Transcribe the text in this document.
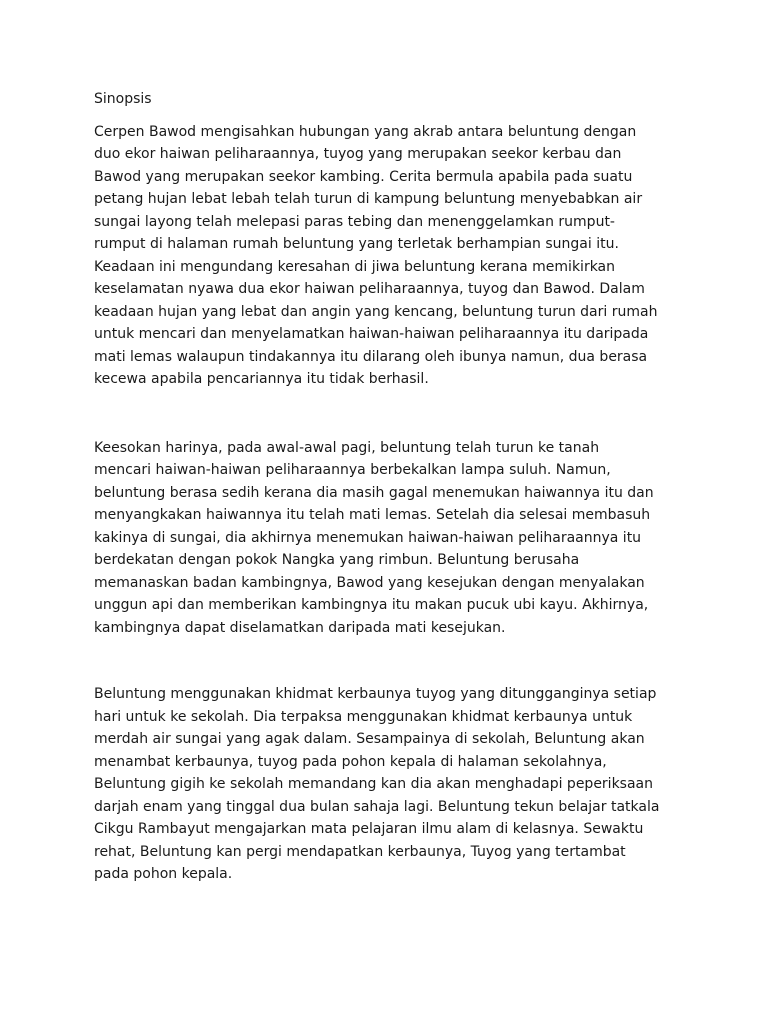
Sinopsis
Cerpen Bawod mengisahkan hubungan yang akrab antara beluntung dengan
duo ekor haiwan peliharaannya, tuyog yang merupakan seekor kerbau dan
Bawod yang merupakan seekor kambing. Cerita bermula apabila pada suatu
petang hujan lebat lebah telah turun di kampung beluntung menyebabkan air
sungai layong telah melepasi paras tebing dan menenggelamkan rumput-
rumput di halaman rumah beluntung yang terletak berhampian sungai itu.
Keadaan ini mengundang keresahan di jiwa beluntung kerana memikirkan
keselamatan nyawa dua ekor haiwan peliharaannya, tuyog dan Bawod. Dalam
keadaan hujan yang lebat dan angin yang kencang, beluntung turun dari rumah
untuk mencari dan menyelamatkan haiwan-haiwan peliharaannya itu daripada
mati lemas walaupun tindakannya itu dilarang oleh ibunya namun, dua berasa
kecewa apabila pencariannya itu tidak berhasil.
Keesokan harinya, pada awal-awal pagi, beluntung telah turun ke tanah
mencari haiwan-haiwan peliharaannya berbekalkan lampa suluh. Namun,
beluntung berasa sedih kerana dia masih gagal menemukan haiwannya itu dan
menyangkakan haiwannya itu telah mati lemas. Setelah dia selesai membasuh
kakinya di sungai, dia akhirnya menemukan haiwan-haiwan peliharaannya itu
berdekatan dengan pokok Nangka yang rimbun. Beluntung berusaha
memanaskan badan kambingnya, Bawod yang kesejukan dengan menyalakan
unggun api dan memberikan kambingnya itu makan pucuk ubi kayu. Akhirnya,
kambingnya dapat diselamatkan daripada mati kesejukan.
Beluntung menggunakan khidmat kerbaunya tuyog yang ditungganginya setiap
hari untuk ke sekolah. Dia terpaksa menggunakan khidmat kerbaunya untuk
merdah air sungai yang agak dalam. Sesampainya di sekolah, Beluntung akan
menambat kerbaunya, tuyog pada pohon kepala di halaman sekolahnya,
Beluntung gigih ke sekolah memandang kan dia akan menghadapi peperiksaan
darjah enam yang tinggal dua bulan sahaja lagi. Beluntung tekun belajar tatkala
Cikgu Rambayut mengajarkan mata pelajaran ilmu alam di kelasnya. Sewaktu
rehat, Beluntung kan pergi mendapatkan kerbaunya, Tuyog yang tertambat
pada pohon kepala.
